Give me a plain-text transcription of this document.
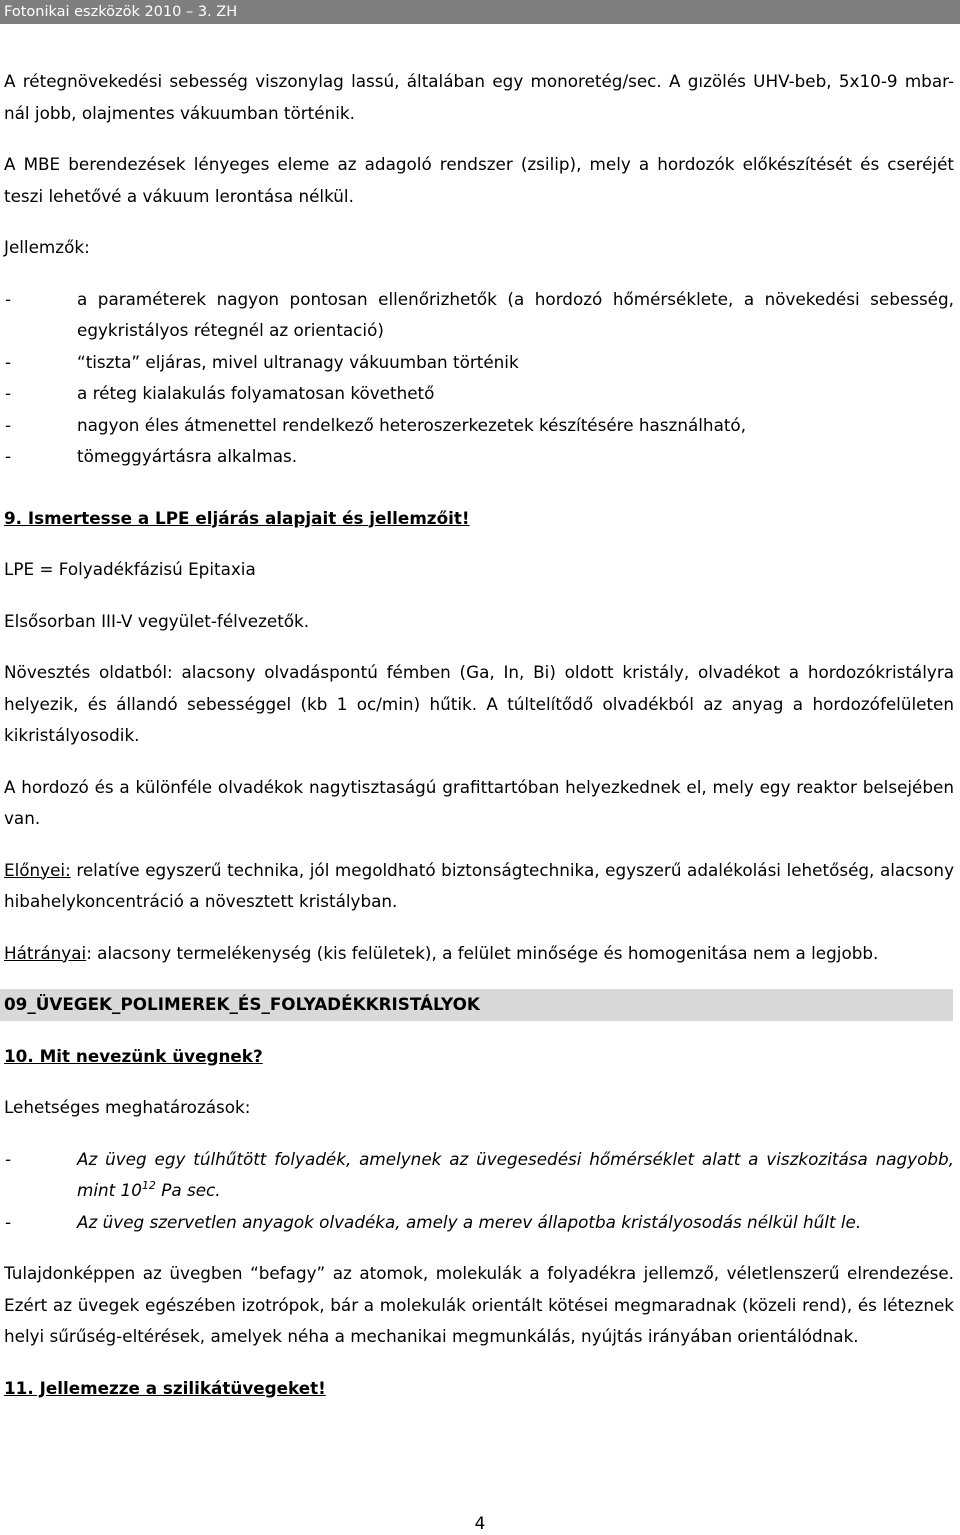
Fotonikai eszközök 2010 – 3. ZH

A rétegnövekedési sebesség viszonylag lassú, általában egy monoretég/sec. A gızölés UHV-beb, 5x10-9 mbar-nál jobb, olajmentes vákuumban történik.

A MBE berendezések lényeges eleme az adagoló rendszer (zsilip), mely a hordozók előkészítését és cseréjét teszi lehetővé a vákuum lerontása nélkül.

Jellemzők:

- a paraméterek nagyon pontosan ellenőrizhetők (a hordozó hőmérséklete, a növekedési sebesség, egykristályos rétegnél az orientació)
- “tiszta” eljáras, mivel ultranagy vákuumban történik
- a réteg kialakulás folyamatosan követhető
- nagyon éles átmenettel rendelkező heteroszerkezetek készítésére használható,
- tömeggyártásra alkalmas.

9. Ismertesse a LPE eljárás alapjait és jellemzőit!

LPE = Folyadékfázisú Epitaxia

Elsősorban III-V vegyület-félvezetők.

Növesztés oldatból: alacsony olvadáspontú fémben (Ga, In, Bi) oldott kristály, olvadékot a hordozókristályra helyezik, és állandó sebességgel (kb 1 oc/min) hűtik. A túltelítődő olvadékból az anyag a hordozófelületen kikristályosodik.

A hordozó és a különféle olvadékok nagytisztaságú grafittartóban helyezkednek el, mely egy reaktor belsejében van.

Előnyei: relatíve egyszerű technika, jól megoldható biztonságtechnika, egyszerű adalékolási lehetőség, alacsony hibahelykoncentráció a növesztett kristályban.

Hátrányai: alacsony termelékenység (kis felületek), a felület minősége és homogenitása nem a legjobb.

09_ÜVEGEK_POLIMEREK_ÉS_FOLYADÉKKRISTÁLYOK

10. Mit nevezünk üvegnek?

Lehetséges meghatározások:

- Az üveg egy túlhűtött folyadék, amelynek az üvegesedési hőmérséklet alatt a viszkozitása nagyobb, mint $10^{12}$ Pa sec.
- Az üveg szervetlen anyagok olvadéka, amely a merev állapotba kristályosodás nélkül hűlt le.

Tulajdonképpen az üvegben “befagy” az atomok, molekulák a folyadékra jellemző, véletlenszerű elrendezése. Ezért az üvegek egészében izotrópok, bár a molekulák orientált kötései megmaradnak (közeli rend), és léteznek helyi sűrűség-eltérések, amelyek néha a mechanikai megmunkálás, nyújtás irányában orientálódnak.

11. Jellemezze a szilikátüvegeket!

4
